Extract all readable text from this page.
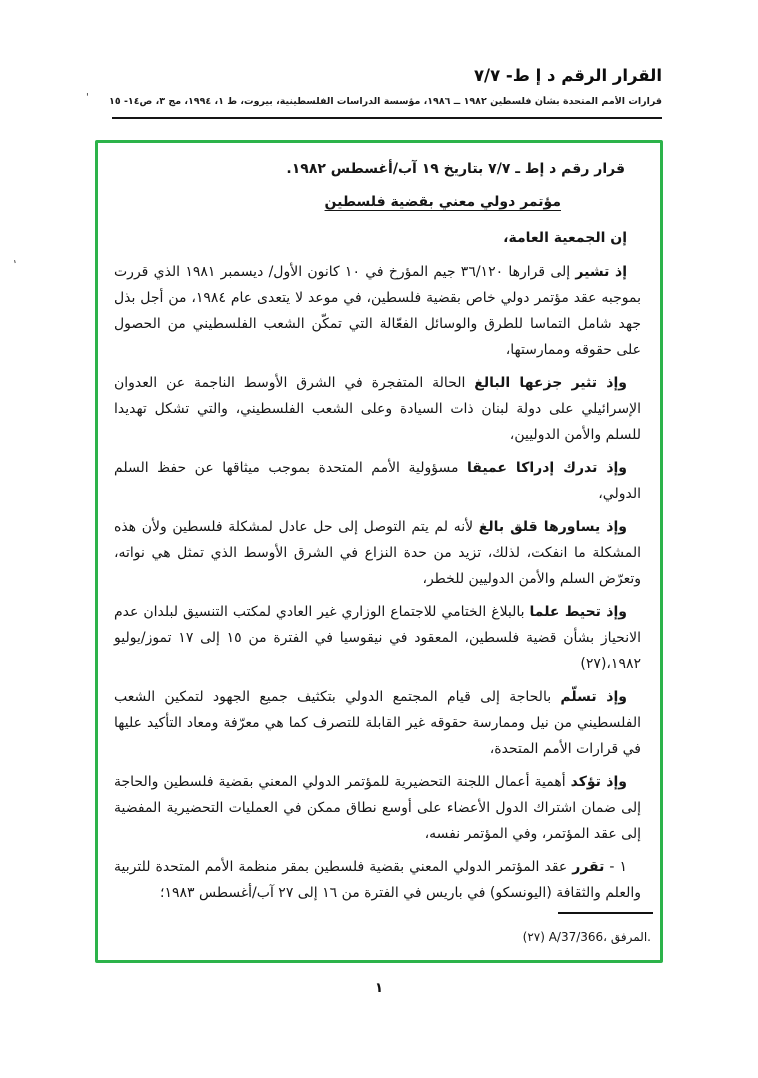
القرار الرقم د إ ط- ٧/٧
قرارات الأمم المتحدة بشأن فلسطين ١٩٨٢ ــ ١٩٨٦، مؤسسة الدراسات الفلسطينية، بيروت، ط ١، ١٩٩٤، مج ٣، ص١٤- ١٥
'
'

قرار رقم د إط ـ ٧/٧ بتاريخ ١٩ آب/أغسطس ١٩٨٢.

مؤتمر دولي معني بقضية فلسطين

إن الجمعية العامة،

إذ تشير إلى قرارها ٣٦/١٢٠ جيم المؤرخ في ١٠ كانون الأول/ ديسمبر ١٩٨١ الذي قررت بموجبه عقد مؤتمر دولي خاص بقضية فلسطين، في موعد لا يتعدى عام ١٩٨٤، من أجل بذل جهد شامل التماسا للطرق والوسائل الفعّالة التي تمكّن الشعب الفلسطيني من الحصول على حقوقه وممارستها،

وإذ تثير جزعها البالغ الحالة المتفجرة في الشرق الأوسط الناجمة عن العدوان الإسرائيلي على دولة لبنان ذات السيادة وعلى الشعب الفلسطيني، والتي تشكل تهديدا للسلم والأمن الدوليين،

وإذ تدرك إدراكا عميقا مسؤولية الأمم المتحدة بموجب ميثاقها عن حفظ السلم الدولي،

وإذ يساورها قلق بالغ لأنه لم يتم التوصل إلى حل عادل لمشكلة فلسطين ولأن هذه المشكلة ما انفكت، لذلك، تزيد من حدة النزاع في الشرق الأوسط الذي تمثل هي نواته، وتعرّض السلم والأمن الدوليين للخطر،

وإذ تحيط علما بالبلاغ الختامي للاجتماع الوزاري غير العادي لمكتب التنسيق لبلدان عدم الانحياز بشأن قضية فلسطين، المعقود في نيقوسيا في الفترة من ١٥ إلى ١٧ تموز/يوليو ١٩٨٢،(٢٧)

وإذ تسلّم بالحاجة إلى قيام المجتمع الدولي بتكثيف جميع الجهود لتمكين الشعب الفلسطيني من نيل وممارسة حقوقه غير القابلة للتصرف كما هي معرّفة ومعاد التأكيد عليها في قرارات الأمم المتحدة،

وإذ تؤكد أهمية أعمال اللجنة التحضيرية للمؤتمر الدولي المعني بقضية فلسطين والحاجة إلى ضمان اشتراك الدول الأعضاء على أوسع نطاق ممكن في العمليات التحضيرية المفضية إلى عقد المؤتمر، وفي المؤتمر نفسه،

١ - تقرر عقد المؤتمر الدولي المعني بقضية فلسطين بمقر منظمة الأمم المتحدة للتربية والعلم والثقافة (اليونسكو) في باريس في الفترة من ١٦ إلى ٢٧ آب/أغسطس ١٩٨٣؛

(٢٧) A/37/366، المرفق.
١
